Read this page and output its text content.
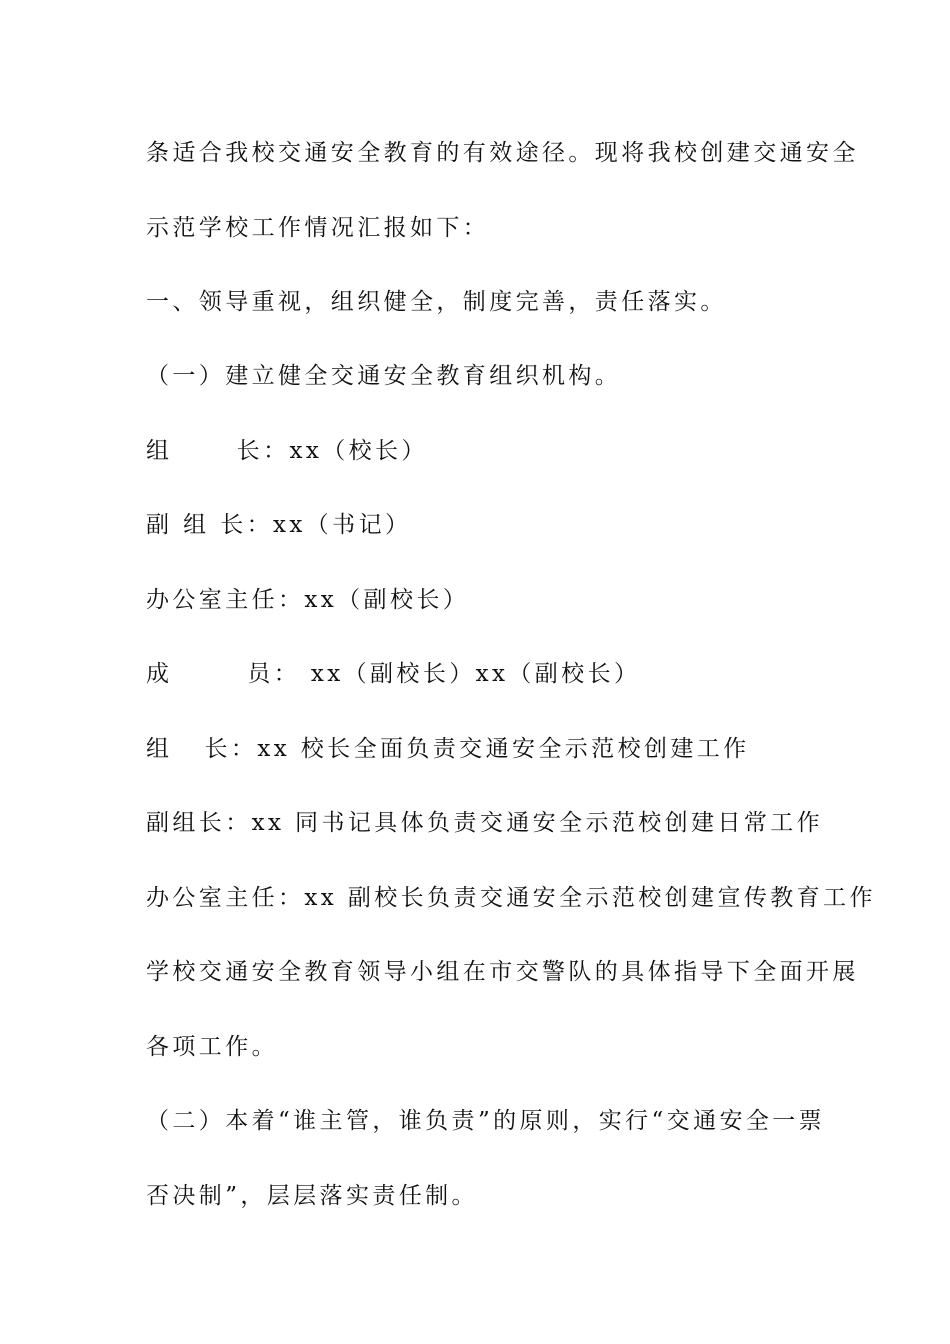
条适合我校交通安全教育的有效途径。现将我校创建交通安全
示范学校工作情况汇报如下：
一、领导重视，组织健全，制度完善，责任落实。
（一）建立健全交通安全教育组织机构。
组      长：xx（校长）
副 组 长：xx（书记）
办公室主任：xx（副校长）
成       员： xx（副校长）xx（副校长）
组   长：xx 校长全面负责交通安全示范校创建工作
副组长：xx 同书记具体负责交通安全示范校创建日常工作
办公室主任：xx 副校长负责交通安全示范校创建宣传教育工作
学校交通安全教育领导小组在市交警队的具体指导下全面开展
各项工作。
（二）本着“谁主管，谁负责”的原则，实行“交通安全一票
否决制”，层层落实责任制。
